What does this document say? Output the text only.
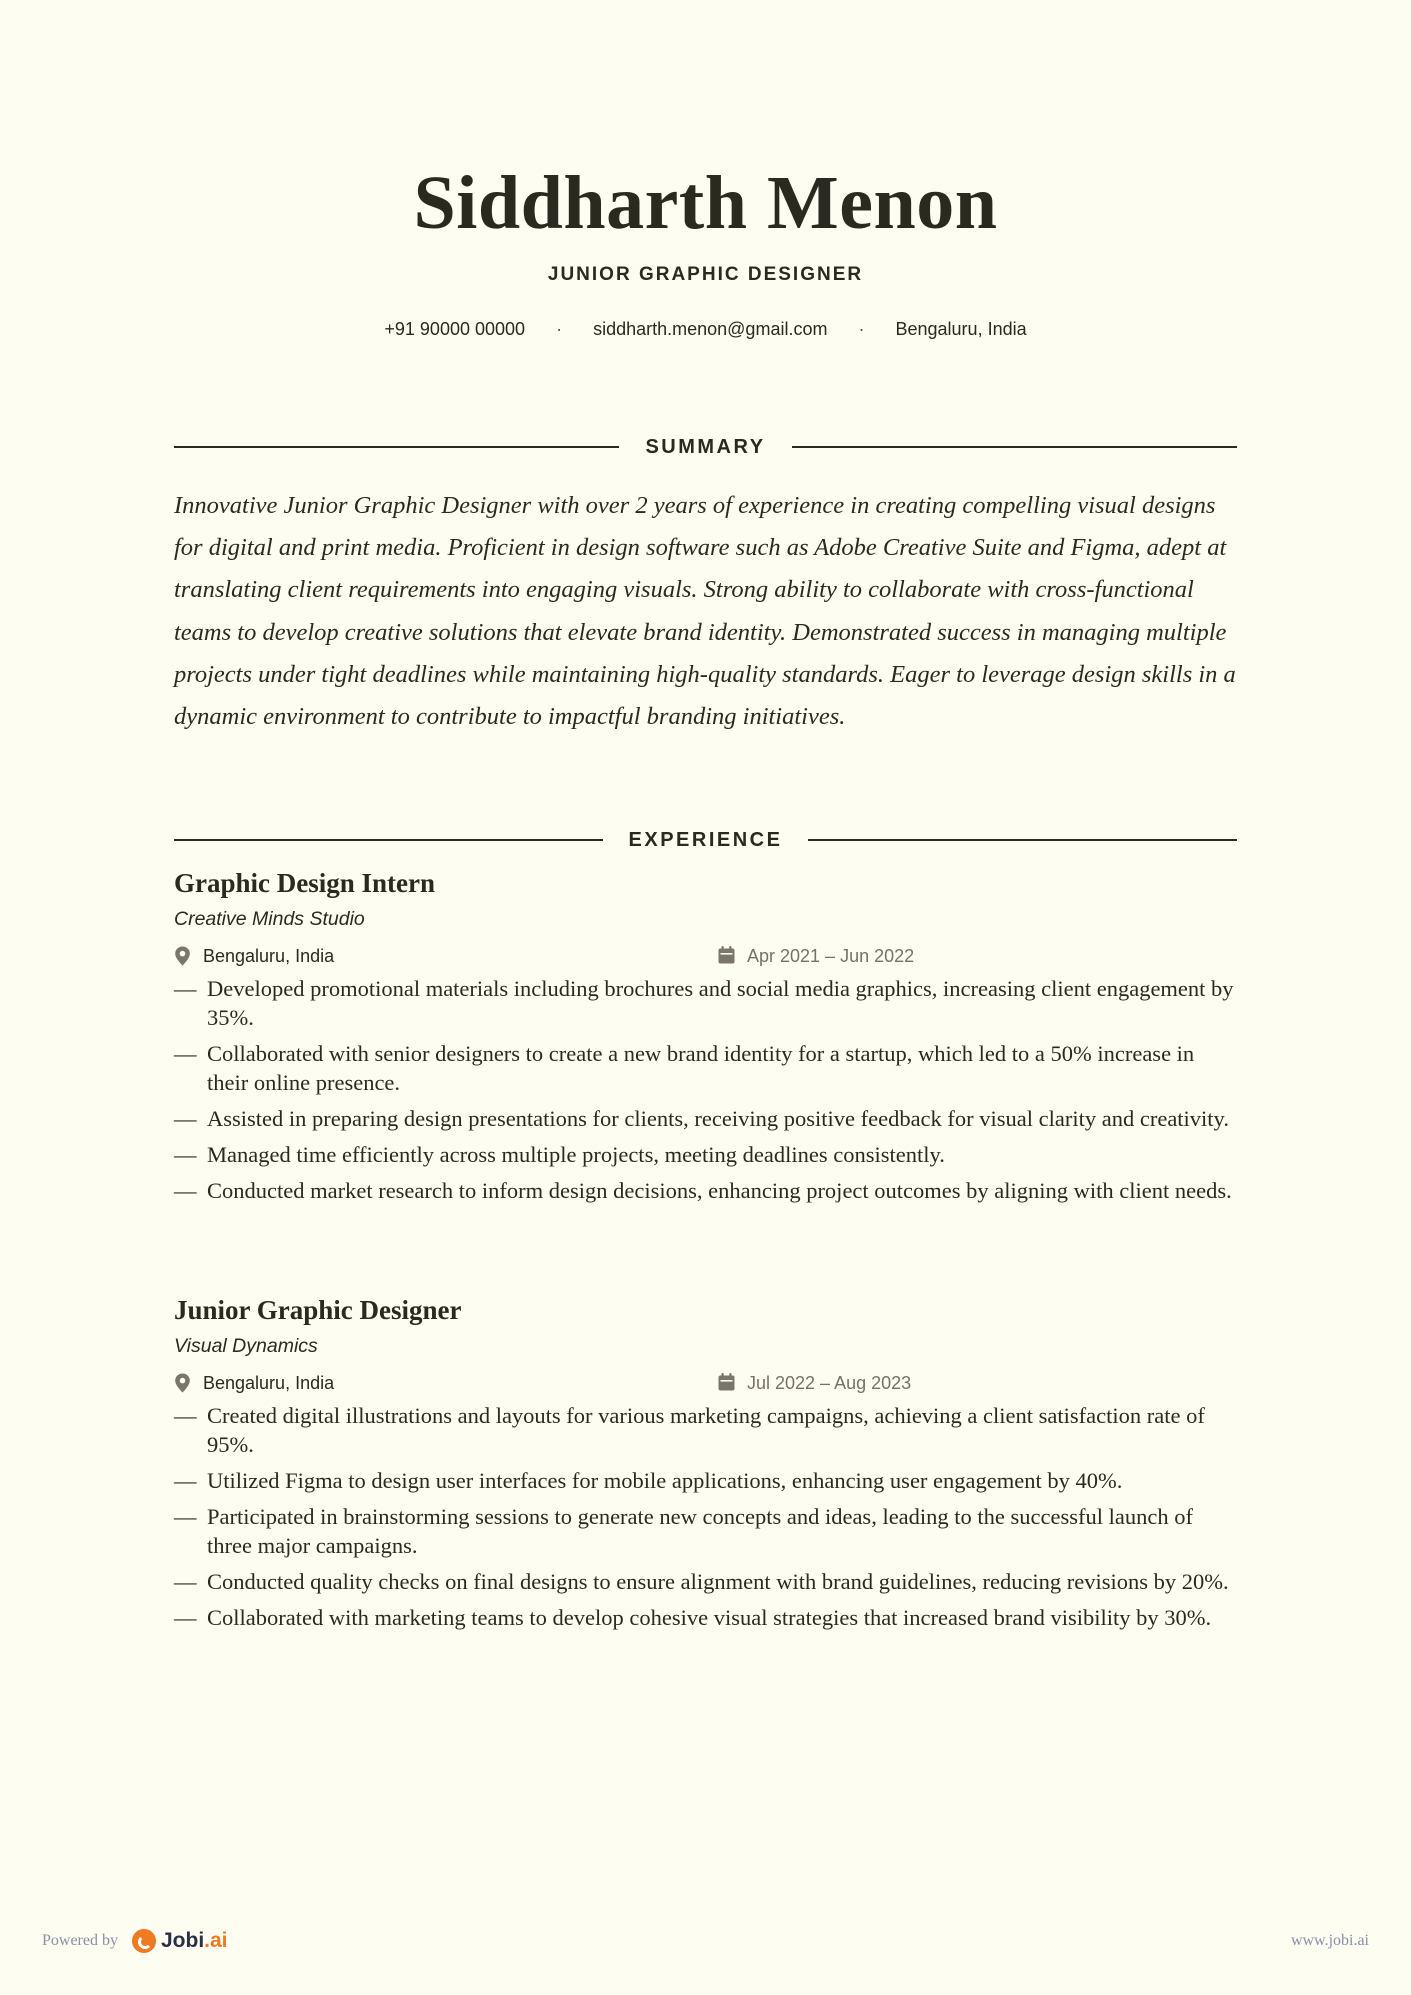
Siddharth Menon
JUNIOR GRAPHIC DESIGNER
+91 90000 00000 · siddharth.menon@gmail.com · Bengaluru, India
SUMMARY

Innovative Junior Graphic Designer with over 2 years of experience in creating compelling visual designs for digital and print media. Proficient in design software such as Adobe Creative Suite and Figma, adept at translating client requirements into engaging visuals. Strong ability to collaborate with cross-functional teams to develop creative solutions that elevate brand identity. Demonstrated success in managing multiple projects under tight deadlines while maintaining high-quality standards. Eager to leverage design skills in a dynamic environment to contribute to impactful branding initiatives.

EXPERIENCE
Graphic Design Intern
Creative Minds Studio
Bengaluru, India	Apr 2021 – Jun 2022
— Developed promotional materials including brochures and social media graphics, increasing client engagement by 35%.
— Collaborated with senior designers to create a new brand identity for a startup, which led to a 50% increase in their online presence.
— Assisted in preparing design presentations for clients, receiving positive feedback for visual clarity and creativity.
— Managed time efficiently across multiple projects, meeting deadlines consistently.
— Conducted market research to inform design decisions, enhancing project outcomes by aligning with client needs.
Junior Graphic Designer
Visual Dynamics
Bengaluru, India	Jul 2022 – Aug 2023
— Created digital illustrations and layouts for various marketing campaigns, achieving a client satisfaction rate of 95%.
— Utilized Figma to design user interfaces for mobile applications, enhancing user engagement by 40%.
— Participated in brainstorming sessions to generate new concepts and ideas, leading to the successful launch of three major campaigns.
— Conducted quality checks on final designs to ensure alignment with brand guidelines, reducing revisions by 20%.
— Collaborated with marketing teams to develop cohesive visual strategies that increased brand visibility by 30%.
Powered by Jobi.ai	www.jobi.ai
